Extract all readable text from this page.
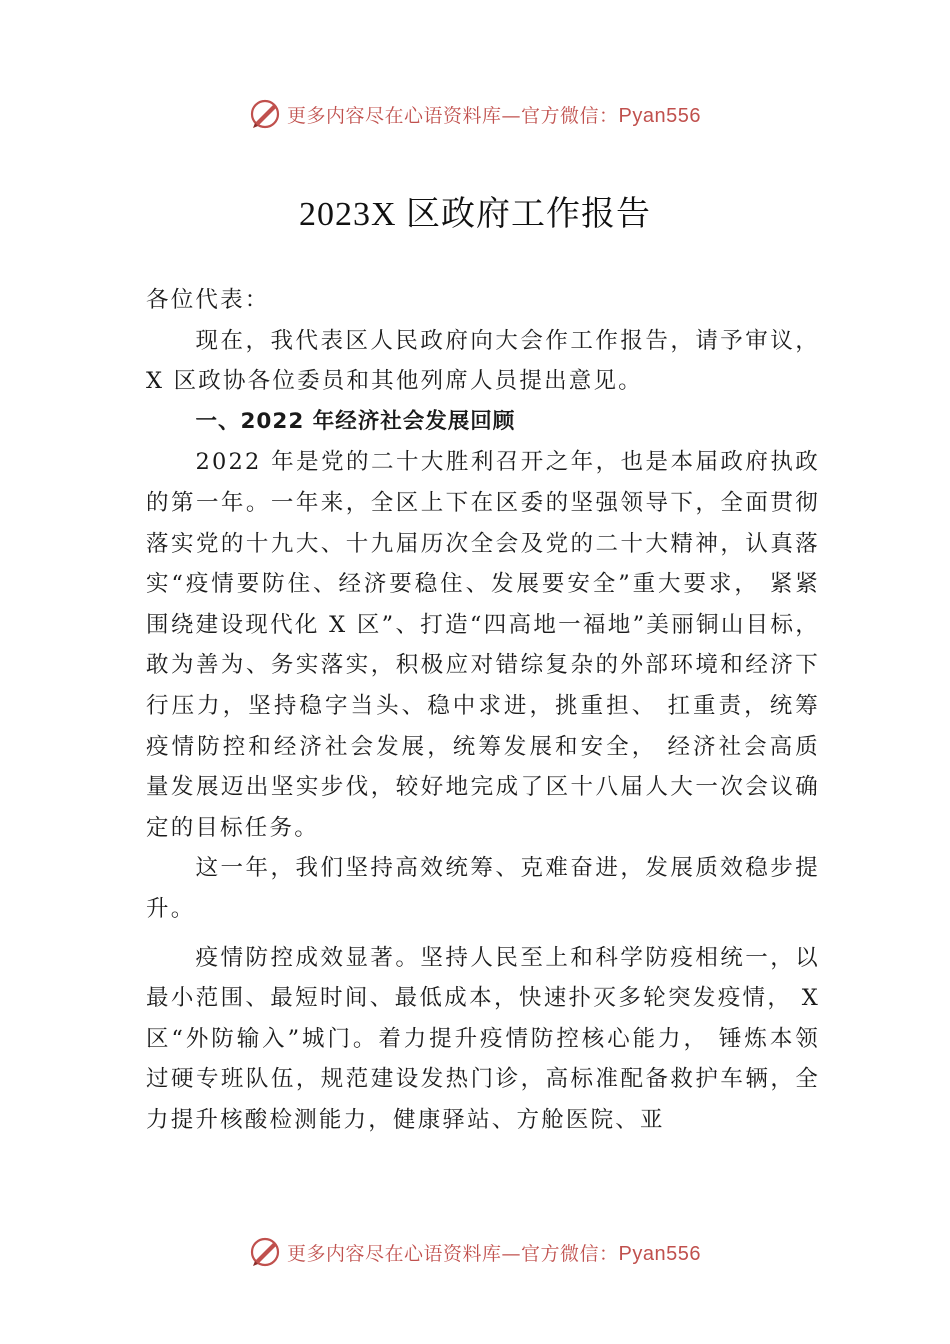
更多内容尽在心语资料库—官方微信：Pyan556
2023X 区政府工作报告

各位代表：

现在，我代表区人民政府向大会作工作报告，请予审议，X 区政协各位委员和其他列席人员提出意见。

一、2022 年经济社会发展回顾

2022 年是党的二十大胜利召开之年，也是本届政府执政的第一年。一年来，全区上下在区委的坚强领导下，全面贯彻落实党的十九大、十九届历次全会及党的二十大精神，认真落实“疫情要防住、经济要稳住、发展要安全”重大要求， 紧紧围绕建设现代化 X 区”、打造“四高地一福地”美丽铜山目标，敢为善为、务实落实，积极应对错综复杂的外部环境和经济下行压力，坚持稳字当头、稳中求进，挑重担、 扛重责，统筹疫情防控和经济社会发展，统筹发展和安全， 经济社会高质量发展迈出坚实步伐，较好地完成了区十八届人大一次会议确定的目标任务。

这一年，我们坚持高效统筹、克难奋进，发展质效稳步提升。

疫情防控成效显著。坚持人民至上和科学防疫相统一，以最小范围、最短时间、最低成本，快速扑灭多轮突发疫情， X 区“外防输入”城门。着力提升疫情防控核心能力， 锤炼本领过硬专班队伍，规范建设发热门诊，高标准配备救护车辆，全力提升核酸检测能力，健康驿站、方舱医院、亚

更多内容尽在心语资料库—官方微信：Pyan556
